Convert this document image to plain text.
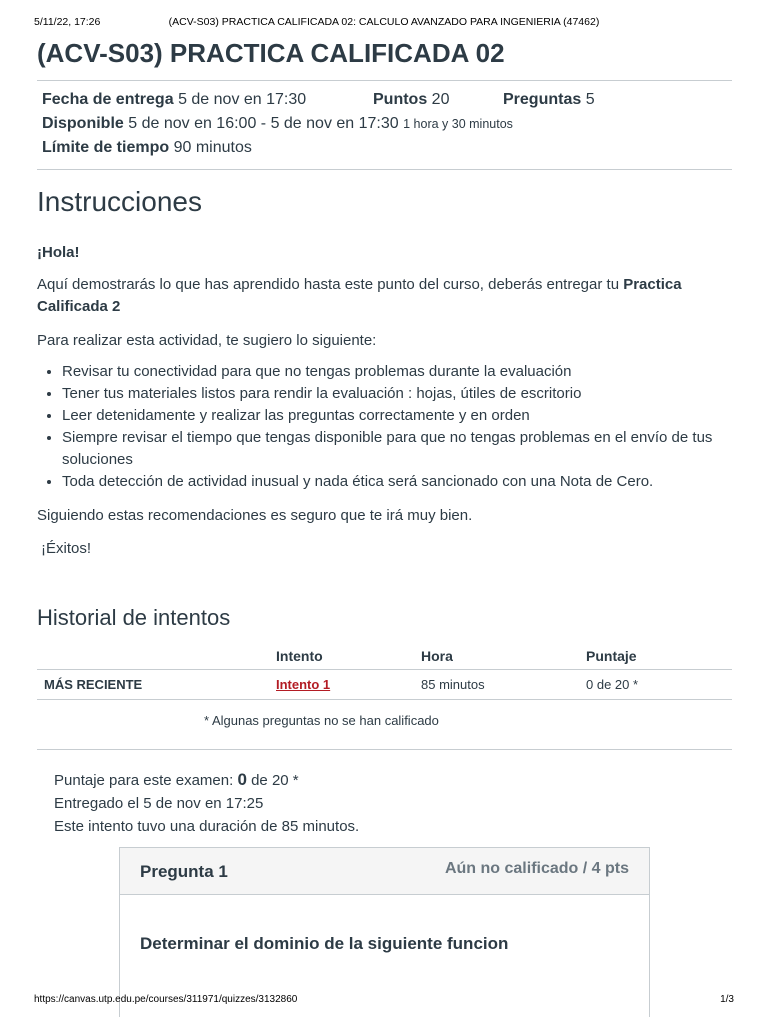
5/11/22, 17:26	(ACV-S03) PRACTICA CALIFICADA 02: CALCULO AVANZADO PARA INGENIERIA (47462)
(ACV-S03) PRACTICA CALIFICADA 02
Fecha de entrega 5 de nov en 17:30	Puntos 20	Preguntas 5
Disponible 5 de nov en 16:00 - 5 de nov en 17:30 1 hora y 30 minutos
Límite de tiempo 90 minutos
Instrucciones
¡Hola!
Aquí demostrarás lo que has aprendido hasta este punto del curso, deberás entregar tu Practica Calificada 2
Para realizar esta actividad, te sugiero lo siguiente:
• Revisar tu conectividad para que no tengas problemas durante la evaluación
• Tener tus materiales listos para rendir la evaluación : hojas, útiles de escritorio
• Leer detenidamente y realizar las preguntas correctamente y en orden
• Siempre revisar el tiempo que tengas disponible para que no tengas problemas en el envío de tus soluciones
• Toda detección de actividad inusual y nada ética será sancionado con una Nota de Cero.
Siguiendo estas recomendaciones es seguro que te irá muy bien.
¡Éxitos!
Historial de intentos
	Intento	Hora	Puntaje
MÁS RECIENTE	Intento 1	85 minutos	0 de 20 *
* Algunas preguntas no se han calificado
Puntaje para este examen: 0 de 20 *
Entregado el 5 de nov en 17:25
Este intento tuvo una duración de 85 minutos.
Pregunta 1	Aún no calificado / 4 pts
Determinar el dominio de la siguiente funcion
https://canvas.utp.edu.pe/courses/311971/quizzes/3132860	1/3
